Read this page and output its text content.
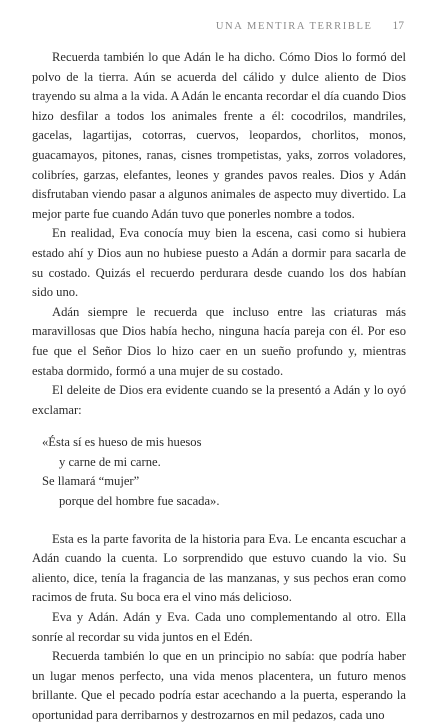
UNA MENTIRA TERRIBLE 17

Recuerda también lo que Adán le ha dicho. Cómo Dios lo formó del polvo de la tierra. Aún se acuerda del cálido y dulce aliento de Dios trayendo su alma a la vida. A Adán le encanta recordar el día cuando Dios hizo desfilar a todos los animales frente a él: cocodrilos, mandriles, gacelas, lagartijas, cotorras, cuervos, leopardos, chorlitos, monos, guacamayos, pitones, ranas, cisnes trompetistas, yaks, zorros voladores, colibríes, garzas, elefantes, leones y grandes pavos reales. Dios y Adán disfrutaban viendo pasar a algunos animales de aspecto muy divertido. La mejor parte fue cuando Adán tuvo que ponerles nombre a todos.

En realidad, Eva conocía muy bien la escena, casi como si hubiera estado ahí y Dios aun no hubiese puesto a Adán a dormir para sacarla de su costado. Quizás el recuerdo perdurara desde cuando los dos habían sido uno.

Adán siempre le recuerda que incluso entre las criaturas más maravillosas que Dios había hecho, ninguna hacía pareja con él. Por eso fue que el Señor Dios lo hizo caer en un sueño profundo y, mientras estaba dormido, formó a una mujer de su costado.

El deleite de Dios era evidente cuando se la presentó a Adán y lo oyó exclamar:

«Ésta sí es hueso de mis huesos
y carne de mi carne.
Se llamará “mujer”
porque del hombre fue sacada».

Esta es la parte favorita de la historia para Eva. Le encanta escuchar a Adán cuando la cuenta. Lo sorprendido que estuvo cuando la vio. Su aliento, dice, tenía la fragancia de las manzanas, y sus pechos eran como racimos de fruta. Su boca era el vino más delicioso.

Eva y Adán. Adán y Eva. Cada uno complementando al otro. Ella sonríe al recordar su vida juntos en el Edén.

Recuerda también lo que en un principio no sabía: que podría haber un lugar menos perfecto, una vida menos placentera, un futuro menos brillante. Que el pecado podría estar acechando a la puerta, esperando la oportunidad para derribarnos y destrozarnos en mil pedazos, cada uno
